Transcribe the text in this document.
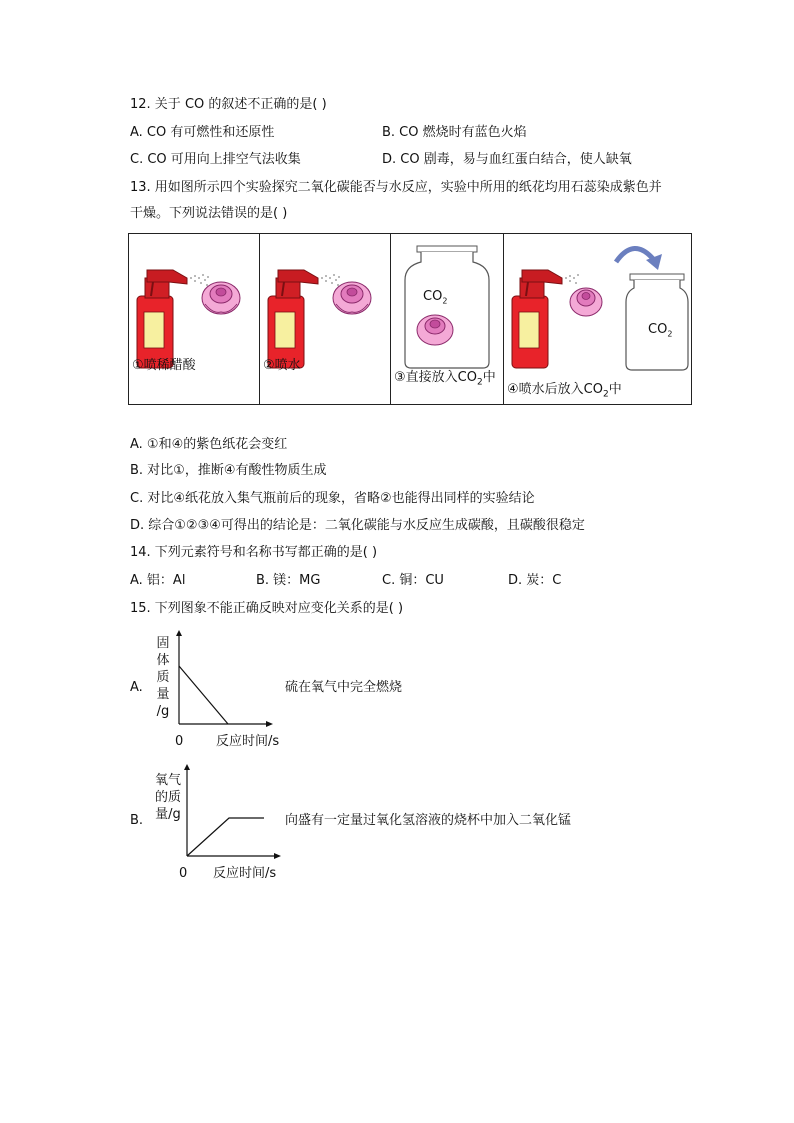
12. 关于 CO 的叙述不正确的是( )
A. CO 有可燃性和还原性	B. CO 燃烧时有蓝色火焰
C. CO 可用向上排空气法收集	D. CO 剧毒，易与血红蛋白结合，使人缺氧
13. 用如图所示四个实验探究二氧化碳能否与水反应，实验中所用的纸花均用石蕊染成紫色并
干燥。下列说法错误的是( )
①喷稀醋酸	②喷水
$CO_2$
③直接放入$CO_2$中
$CO_2$
④喷水后放入$CO_2$中
A. ①和④的紫色纸花会变红
B. 对比①，推断④有酸性物质生成
C. 对比④纸花放入集气瓶前后的现象，省略②也能得出同样的实验结论
D. 综合①②③④可得出的结论是：二氧化碳能与水反应生成碳酸，且碳酸很稳定
14. 下列元素符号和名称书写都正确的是( )
A. 铝：Al	B. 镁：MG	C. 铜：CU	D. 炭：C
15. 下列图象不能正确反映对应变化关系的是( )
A.
固
体
质
量
/g
0	反应时间/s
硫在氧气中完全燃烧
B.
氧气
的质
量/g
0 反应时间/s
向盛有一定量过氧化氢溶液的烧杯中加入二氧化锰
